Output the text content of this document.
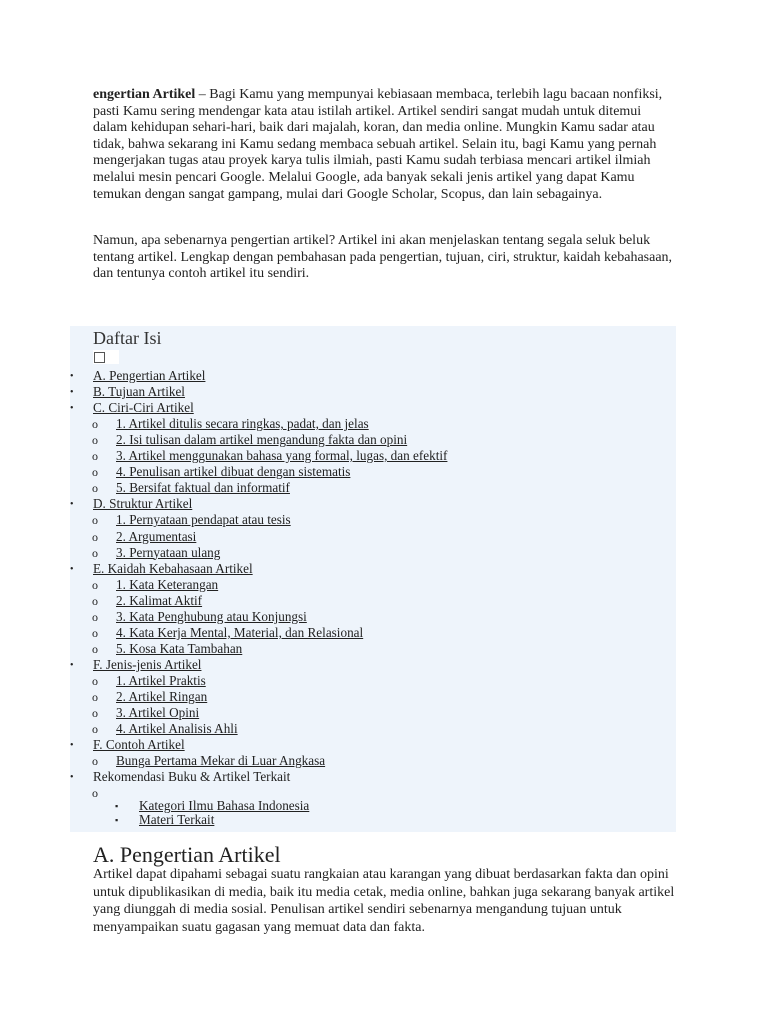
engertian Artikel – Bagi Kamu yang mempunyai kebiasaan membaca, terlebih lagu bacaan nonfiksi, pasti Kamu sering mendengar kata atau istilah artikel. Artikel sendiri sangat mudah untuk ditemui dalam kehidupan sehari-hari, baik dari majalah, koran, dan media online. Mungkin Kamu sadar atau tidak, bahwa sekarang ini Kamu sedang membaca sebuah artikel. Selain itu, bagi Kamu yang pernah mengerjakan tugas atau proyek karya tulis ilmiah, pasti Kamu sudah terbiasa mencari artikel ilmiah melalui mesin pencari Google. Melalui Google, ada banyak sekali jenis artikel yang dapat Kamu temukan dengan sangat gampang, mulai dari Google Scholar, Scopus, dan lain sebagainya.

Namun, apa sebenarnya pengertian artikel? Artikel ini akan menjelaskan tentang segala seluk beluk tentang artikel. Lengkap dengan pembahasan pada pengertian, tujuan, ciri, struktur, kaidah kebahasaan, dan tentunya contoh artikel itu sendiri.

Daftar Isi
• A. Pengertian Artikel
• B. Tujuan Artikel
• C. Ciri-Ciri Artikel
o 1. Artikel ditulis secara ringkas, padat, dan jelas
o 2. Isi tulisan dalam artikel mengandung fakta dan opini
o 3. Artikel menggunakan bahasa yang formal, lugas, dan efektif
o 4. Penulisan artikel dibuat dengan sistematis
o 5. Bersifat faktual dan informatif
• D. Struktur Artikel
o 1. Pernyataan pendapat atau tesis
o 2. Argumentasi
o 3. Pernyataan ulang
• E. Kaidah Kebahasaan Artikel
o 1. Kata Keterangan
o 2. Kalimat Aktif
o 3. Kata Penghubung atau Konjungsi
o 4. Kata Kerja Mental, Material, dan Relasional
o 5. Kosa Kata Tambahan
• F. Jenis-jenis Artikel
o 1. Artikel Praktis
o 2. Artikel Ringan
o 3. Artikel Opini
o 4. Artikel Analisis Ahli
• F. Contoh Artikel
o Bunga Pertama Mekar di Luar Angkasa
• Rekomendasi Buku & Artikel Terkait
o
▪ Kategori Ilmu Bahasa Indonesia
▪ Materi Terkait
A. Pengertian Artikel

Artikel dapat dipahami sebagai suatu rangkaian atau karangan yang dibuat berdasarkan fakta dan opini untuk dipublikasikan di media, baik itu media cetak, media online, bahkan juga sekarang banyak artikel yang diunggah di media sosial. Penulisan artikel sendiri sebenarnya mengandung tujuan untuk menyampaikan suatu gagasan yang memuat data dan fakta.
